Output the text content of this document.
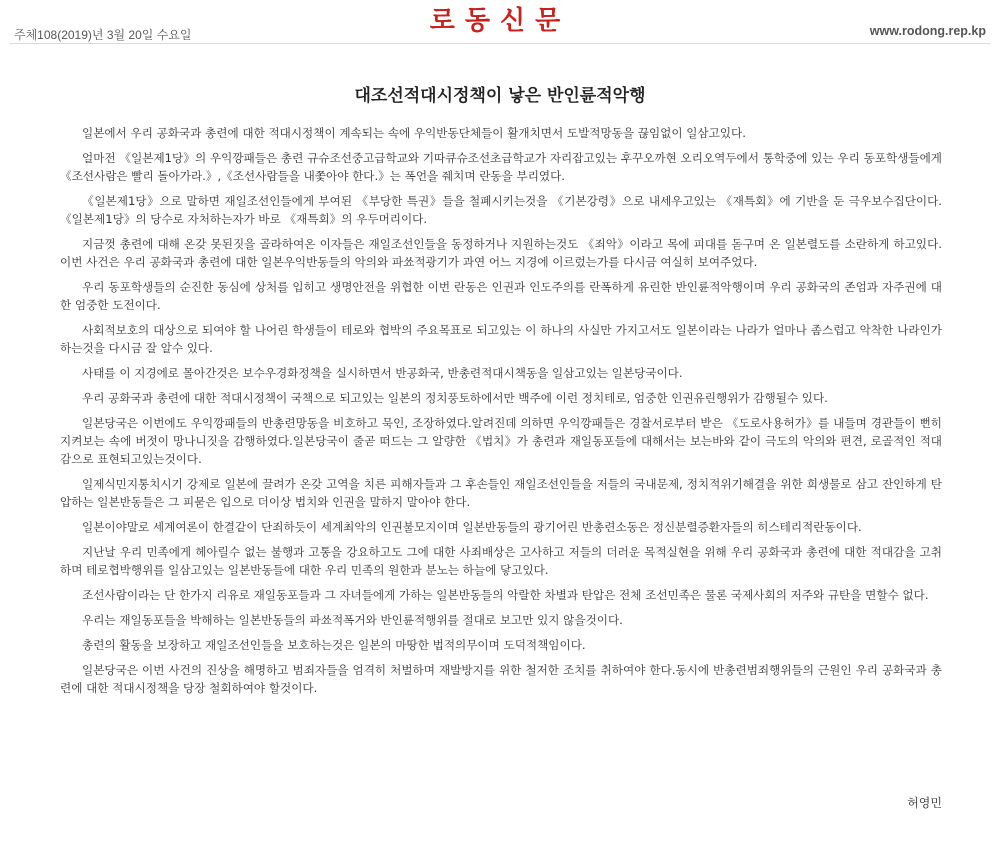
주체108(2019)년 3월 20일 수요일	로동신문	www.rodong.rep.kp
대조선적대시정책이 낳은 반인륜적악행

일본에서 우리 공화국과 총련에 대한 적대시정책이 계속되는 속에 우익반동단체들이 활개치면서 도발적망동을 끊임없이 일삼고있다.

얼마전 《일본제1당》의 우익깡패들은 총련 규슈조선중고급학교와 기따큐슈조선초급학교가 자리잡고있는 후꾸오까현 오리오역두에서 통학중에 있는 우리 동포학생들에게 《조선사람은 빨리 돌아가라.》,《조선사람들을 내쫓아야 한다.》는 폭언을 줴치며 란동을 부리였다.

《일본제1당》으로 말하면 재일조선인들에게 부여된 《부당한 특권》들을 철폐시키는것을 《기본강령》으로 내세우고있는 《재특회》에 기반을 둔 극우보수집단이다.《일본제1당》의 당수로 자처하는자가 바로 《재특회》의 우두머리이다.

지금껏 총련에 대해 온갖 못된짓을 골라하여온 이자들은 재일조선인들을 동정하거나 지원하는것도 《죄악》이라고 목에 피대를 돋구며 온 일본렬도를 소란하게 하고있다.이번 사건은 우리 공화국과 총련에 대한 일본우익반동들의 악의와 파쑈적광기가 과연 어느 지경에 이르렀는가를 다시금 여실히 보여주었다.

우리 동포학생들의 순진한 동심에 상처를 입히고 생명안전을 위협한 이번 란동은 인권과 인도주의를 란폭하게 유린한 반인륜적악행이며 우리 공화국의 존엄과 자주권에 대한 엄중한 도전이다.

사회적보호의 대상으로 되여야 할 나어린 학생들이 테로와 협박의 주요목표로 되고있는 이 하나의 사실만 가지고서도 일본이라는 나라가 얼마나 좀스럽고 악착한 나라인가 하는것을 다시금 잘 알수 있다.

사태를 이 지경에로 몰아간것은 보수우경화정책을 실시하면서 반공화국, 반총련적대시책동을 일삼고있는 일본당국이다.

우리 공화국과 총련에 대한 적대시정책이 국책으로 되고있는 일본의 정치풍토하에서만 백주에 이런 정치테로, 엄중한 인권유린행위가 감행될수 있다.

일본당국은 이번에도 우익깡패들의 반총련망동을 비호하고 묵인, 조장하였다.알려진데 의하면 우익깡패들은 경찰서로부터 받은 《도로사용허가》를 내들며 경관들이 뻔히 지켜보는 속에 버젓이 망나니짓을 감행하였다.일본당국이 줄곧 떠드는 그 알량한 《법치》가 총련과 재일동포들에 대해서는 보는바와 같이 극도의 악의와 편견, 로골적인 적대감으로 표현되고있는것이다.

일제식민지통치시기 강제로 일본에 끌려가 온갖 고역을 치른 피해자들과 그 후손들인 재일조선인들을 저들의 국내문제, 정치적위기해결을 위한 희생물로 삼고 잔인하게 탄압하는 일본반동들은 그 피묻은 입으로 더이상 법치와 인권을 말하지 말아야 한다.

일본이야말로 세계여론이 한결같이 단죄하듯이 세계최악의 인권불모지이며 일본반동들의 광기어린 반총련소동은 정신분렬증환자들의 히스테리적란동이다.

지난날 우리 민족에게 헤아릴수 없는 불행과 고통을 강요하고도 그에 대한 사죄배상은 고사하고 저들의 더러운 목적실현을 위해 우리 공화국과 총련에 대한 적대감을 고취하며 테로협박행위를 일삼고있는 일본반동들에 대한 우리 민족의 원한과 분노는 하늘에 닿고있다.

조선사람이라는 단 한가지 리유로 재일동포들과 그 자녀들에게 가하는 일본반동들의 악랄한 차별과 탄압은 전체 조선민족은 물론 국제사회의 저주와 규탄을 면할수 없다.

우리는 재일동포들을 박해하는 일본반동들의 파쑈적폭거와 반인륜적행위를 절대로 보고만 있지 않을것이다.

총련의 활동을 보장하고 재일조선인들을 보호하는것은 일본의 마땅한 법적의무이며 도덕적책임이다.

일본당국은 이번 사건의 진상을 해명하고 범죄자들을 엄격히 처벌하며 재발방지를 위한 철저한 조치를 취하여야 한다.동시에 반총련범죄행위들의 근원인 우리 공화국과 총련에 대한 적대시정책을 당장 철회하여야 할것이다.

허영민
